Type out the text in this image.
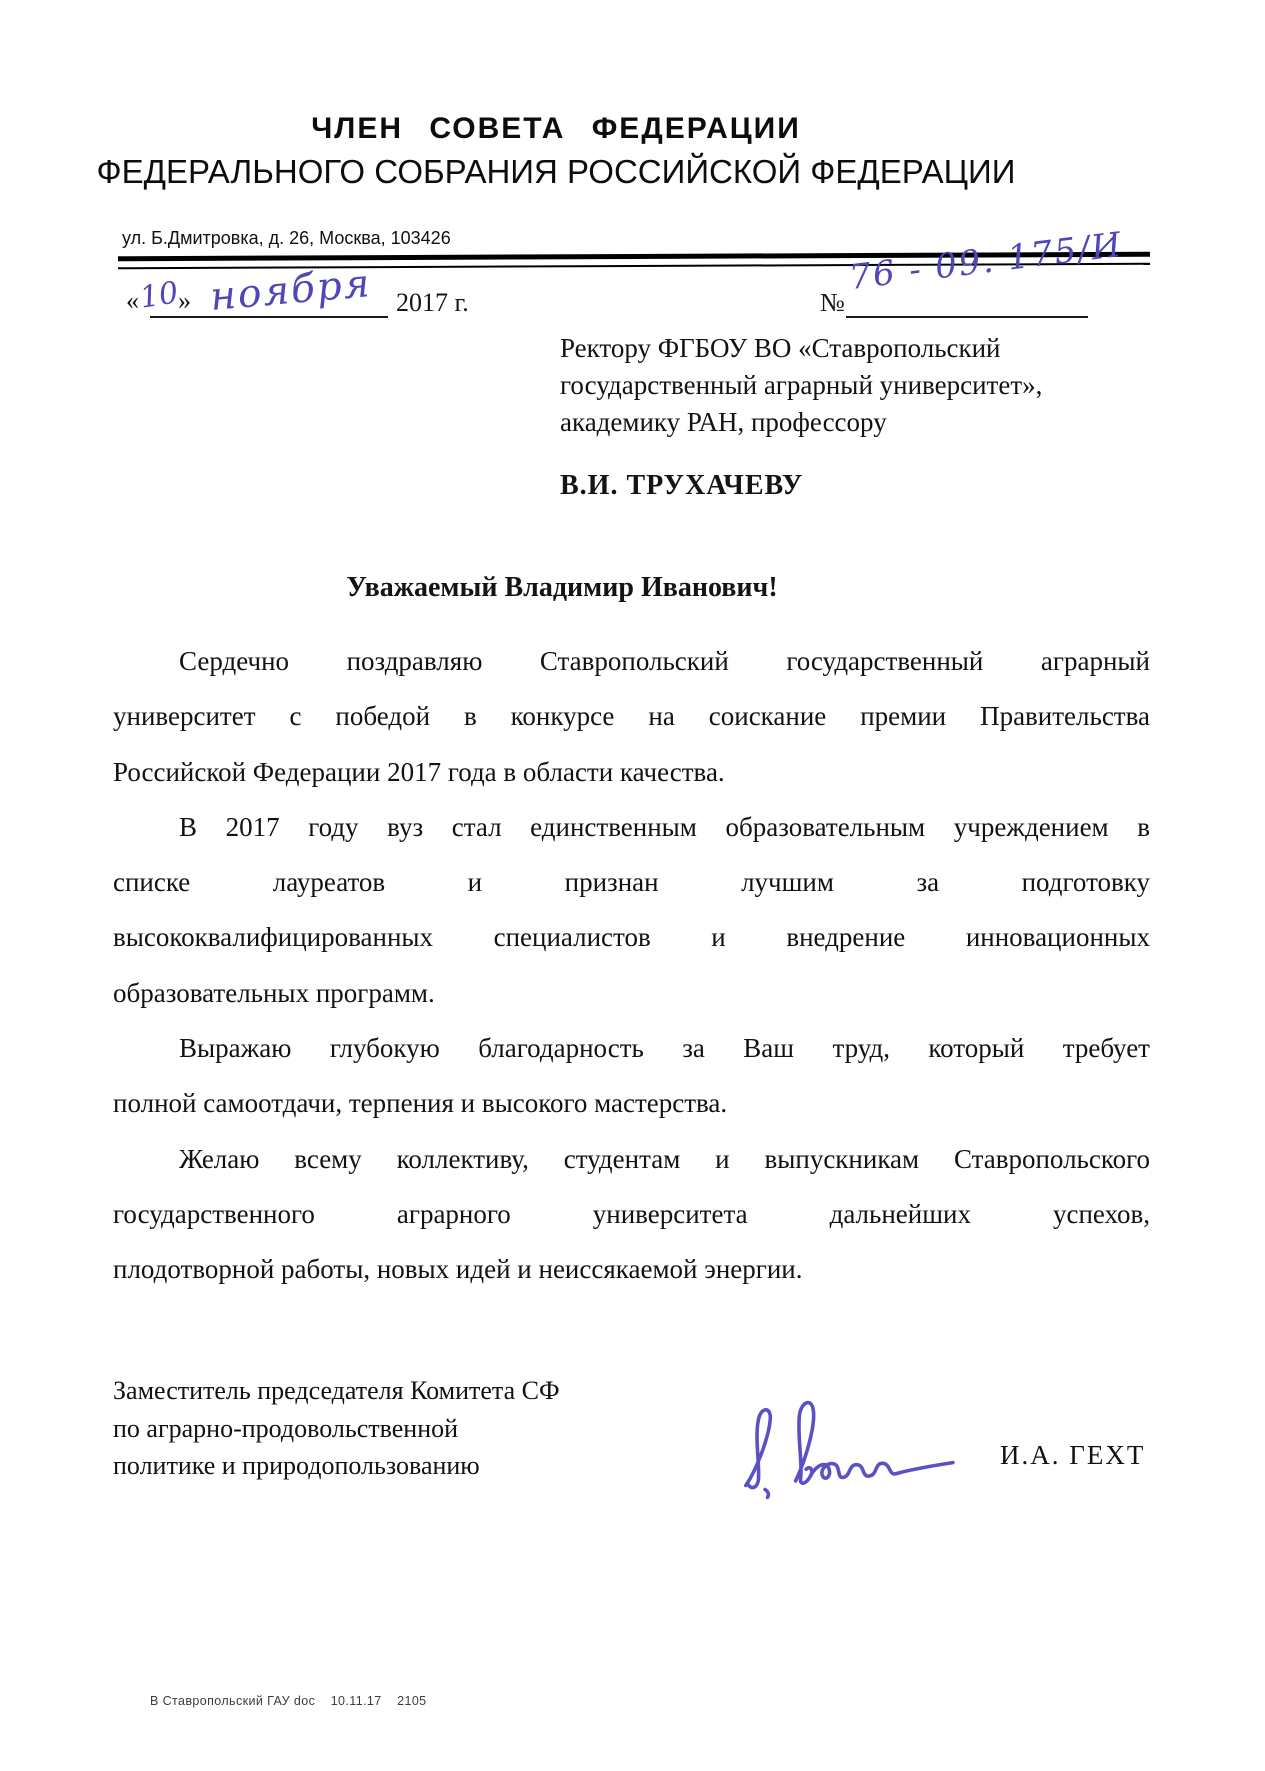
ЧЛЕН СОВЕТА ФЕДЕРАЦИИ
ФЕДЕРАЛЬНОГО СОБРАНИЯ РОССИЙСКОЙ ФЕДЕРАЦИИ
ул. Б.Дмитровка, д. 26, Москва, 103426
«
10
» ноября 2017 г.	№
76 - 09. 175/И
Ректору ФГБОУ ВО «Ставропольский
государственный аграрный университет»,
академику РАН, профессору
В.И. ТРУХАЧЕВУ
Уважаемый Владимир Иванович!
Сердечно поздравляю Ставропольский государственный аграрный
университет с победой в конкурсе на соискание премии Правительства
Российской Федерации 2017 года в области качества.
В 2017 году вуз стал единственным образовательным учреждением в
списке лауреатов и признан лучшим за подготовку
высококвалифицированных специалистов и внедрение инновационных
образовательных программ.
Выражаю глубокую благодарность за Ваш труд, который требует
полной самоотдачи, терпения и высокого мастерства.
Желаю всему коллективу, студентам и выпускникам Ставропольского
государственного аграрного университета дальнейших успехов,
плодотворной работы, новых идей и неиссякаемой энергии.
Заместитель председателя Комитета СФ
по аграрно-продовольственной
политике и природопользованию	И.А. ГЕХТ
В Ставропольский ГАУ doc    10.11.17    2105
